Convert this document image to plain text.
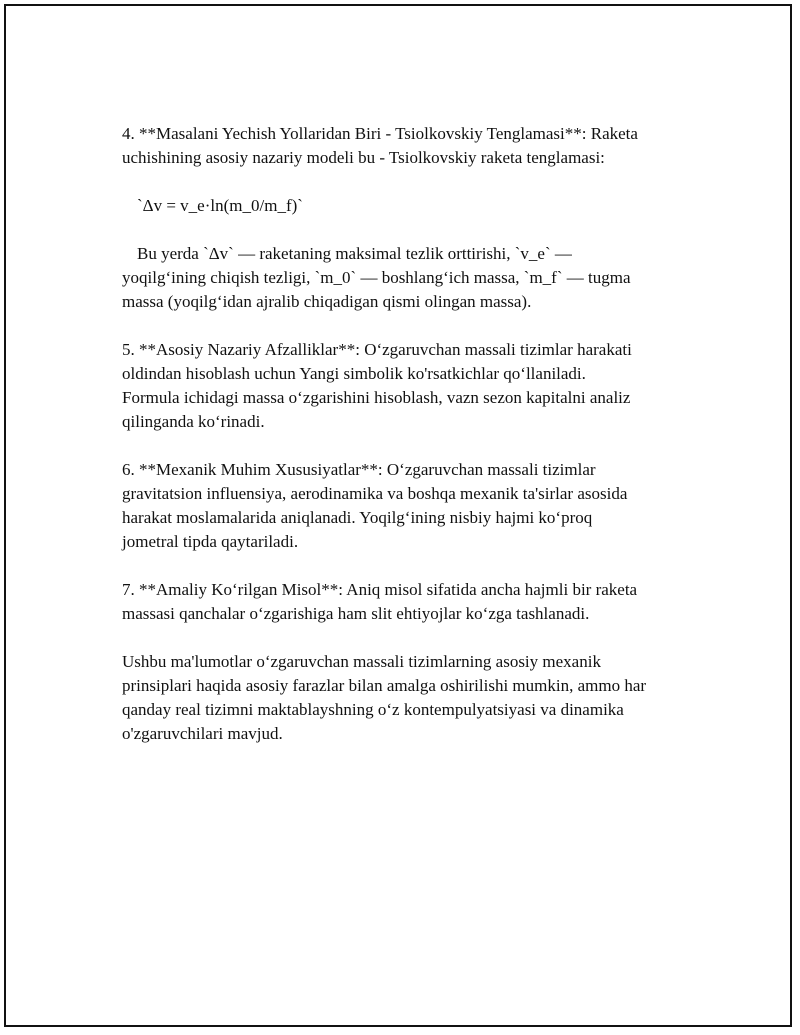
4. **Masalani Yechish Yollaridan Biri - Tsiolkovskiy Tenglamasi**: Raketa

uchishining asosiy nazariy modeli bu - Tsiolkovskiy raketa tenglamasi:

`Δv = v_e·ln(m_0/m_f)`

Bu yerda `Δv` — raketaning maksimal tezlik orttirishi, `v_e` —

yoqilg‘ining chiqish tezligi, `m_0` — boshlang‘ich massa, `m_f` — tugma

massa (yoqilg‘idan ajralib chiqadigan qismi olingan massa).

5. **Asosiy Nazariy Afzalliklar**: O‘zgaruvchan massali tizimlar harakati

oldindan hisoblash uchun Yangi simbolik ko'rsatkichlar qo‘llaniladi.

Formula ichidagi massa o‘zgarishini hisoblash, vazn sezon kapitalni analiz

qilinganda ko‘rinadi.

6. **Mexanik Muhim Xususiyatlar**: O‘zgaruvchan massali tizimlar

gravitatsion influensiya, aerodinamika va boshqa mexanik ta'sirlar asosida

harakat moslamalarida aniqlanadi. Yoqilg‘ining nisbiy hajmi ko‘proq

jometral tipda qaytariladi.

7. **Amaliy Ko‘rilgan Misol**: Aniq misol sifatida ancha hajmli bir raketa

massasi qanchalar o‘zgarishiga ham slit ehtiyojlar ko‘zga tashlanadi.

Ushbu ma'lumotlar o‘zgaruvchan massali tizimlarning asosiy mexanik

prinsiplari haqida asosiy farazlar bilan amalga oshirilishi mumkin, ammo har

qanday real tizimni maktablayshning o‘z kontempulyatsiyasi va dinamika

o'zgaruvchilari mavjud.
